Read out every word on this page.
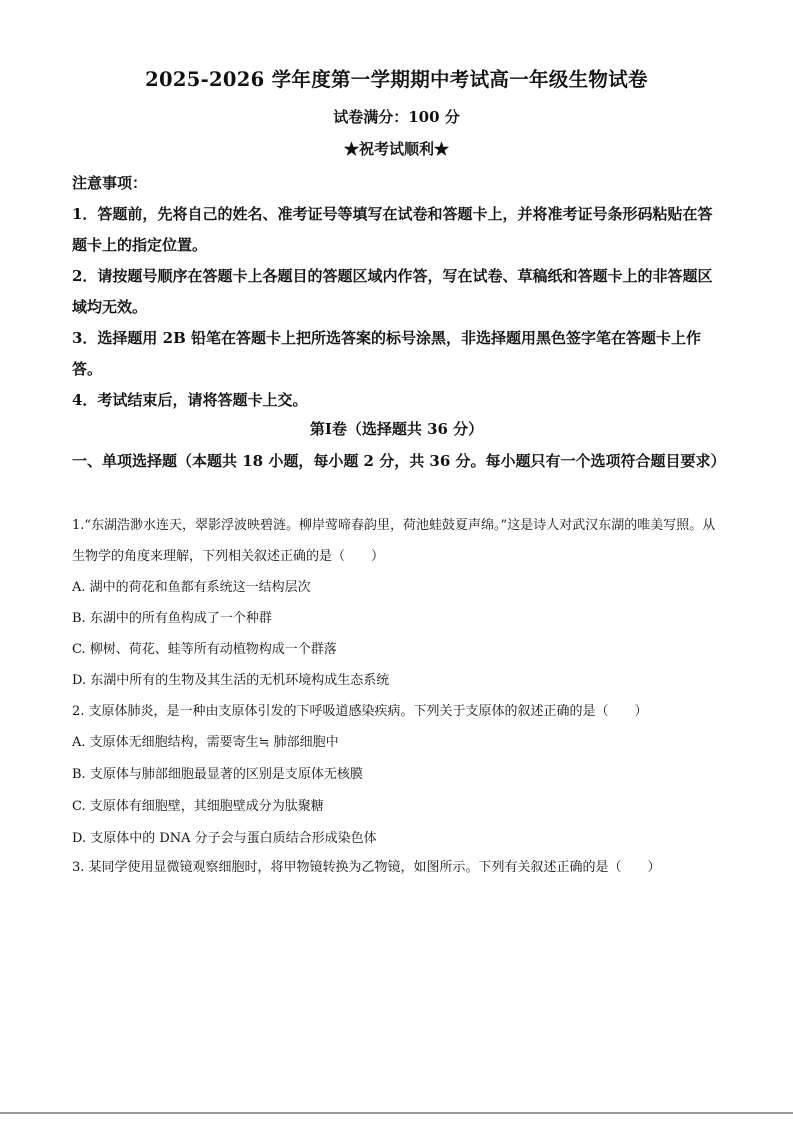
2025-2026 学年度第一学期期中考试高一年级生物试卷
试卷满分：100 分
★祝考试顺利★

注意事项：

1．答题前，先将自己的姓名、准考证号等填写在试卷和答题卡上，并将准考证号条形码粘贴在答题卡上的指定位置。

2．请按题号顺序在答题卡上各题目的答题区域内作答，写在试卷、草稿纸和答题卡上的非答题区域均无效。

3．选择题用 2B 铅笔在答题卡上把所选答案的标号涂黑，非选择题用黑色签字笔在答题卡上作答。

4．考试结束后，请将答题卡上交。

第Ⅰ卷（选择题共 36 分）
一、单项选择题（本题共 18 小题，每小题 2 分，共 36 分。每小题只有一个选项符合题目要求）

1.“东湖浩渺水连天，翠影浮波映碧涟。柳岸莺啼春韵里，荷池蛙鼓夏声绵。”这是诗人对武汉东湖的唯美写照。从生物学的角度来理解，下列相关叙述正确的是（　　）

A. 湖中的荷花和鱼都有系统这一结构层次

B. 东湖中的所有鱼构成了一个种群

C. 柳树、荷花、蛙等所有动植物构成一个群落

D. 东湖中所有的生物及其生活的无机环境构成生态系统

2. 支原体肺炎，是一种由支原体引发的下呼吸道感染疾病。下列关于支原体的叙述正确的是（　　）

A. 支原体无细胞结构，需要寄生≒ 肺部细胞中

B. 支原体与肺部细胞最显著的区别是支原体无核膜

C. 支原体有细胞壁，其细胞壁成分为肽聚糖

D. 支原体中的 DNA 分子会与蛋白质结合形成染色体

3. 某同学使用显微镜观察细胞时，将甲物镜转换为乙物镜，如图所示。下列有关叙述正确的是（　　）
